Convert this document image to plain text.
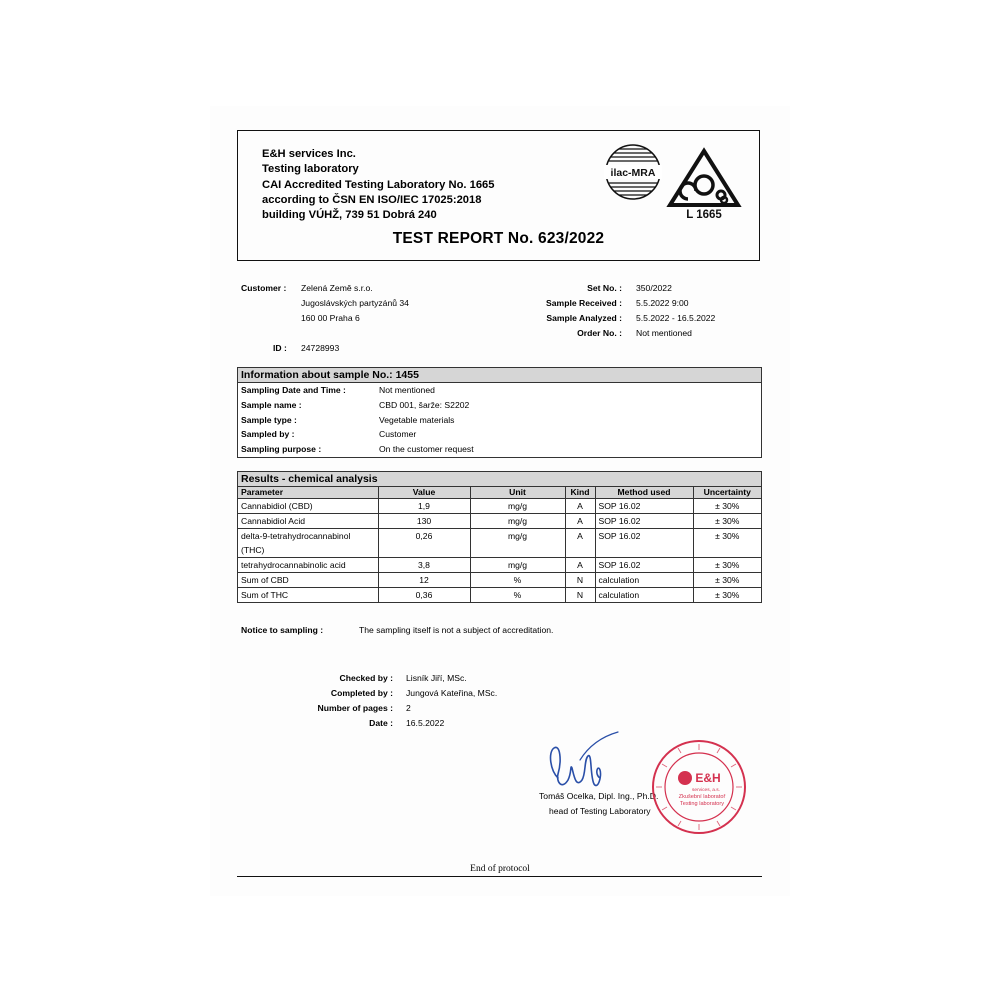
E&H services Inc.
Testing laboratory
CAI Accredited Testing Laboratory No. 1665
according to ČSN EN ISO/IEC 17025:2018
building VÚHŽ, 739 51 Dobrá 240
ilac-MRA
L 1665
TEST REPORT No. 623/2022
Customer : Zelená Země s.r.o.
Jugoslávských partyzánů 34
160 00 Praha 6
ID : 24728993
Set No. : 350/2022
Sample Received : 5.5.2022 9:00
Sample Analyzed : 5.5.2022 - 16.5.2022
Order No. : Not mentioned
Information about sample No.: 1455
Sampling Date and Time :	Not mentioned
Sample name :	CBD 001, šarže: S2202
Sample type :	Vegetable materials
Sampled by :	Customer
Sampling purpose :	On the customer request
Results - chemical analysis
Parameter	Value	Unit	Kind	Method used	Uncertainty
Cannabidiol (CBD)	1,9	mg/g	A	SOP 16.02	± 30%
Cannabidiol Acid	130	mg/g	A	SOP 16.02	± 30%
delta-9-tetrahydrocannabinol
(THC)	0,26	mg/g	A	SOP 16.02	± 30%
tetrahydrocannabinolic acid	3,8	mg/g	A	SOP 16.02	± 30%
Sum of CBD	12	%	N	calculation	± 30%
Sum of THC	0,36	%	N	calculation	± 30%
Notice to sampling :	The sampling itself is not a subject of accreditation.
Checked by : Lisník Jiří, MSc.
Completed by : Jungová Kateřina, MSc.
Number of pages : 2
Date : 16.5.2022
Tomáš Ocelka, Dipl. Ing., Ph.D.
head of Testing Laboratory
E&H
services, a.s.
Zkušební laboratoř
Testing laboratory
End of protocol
